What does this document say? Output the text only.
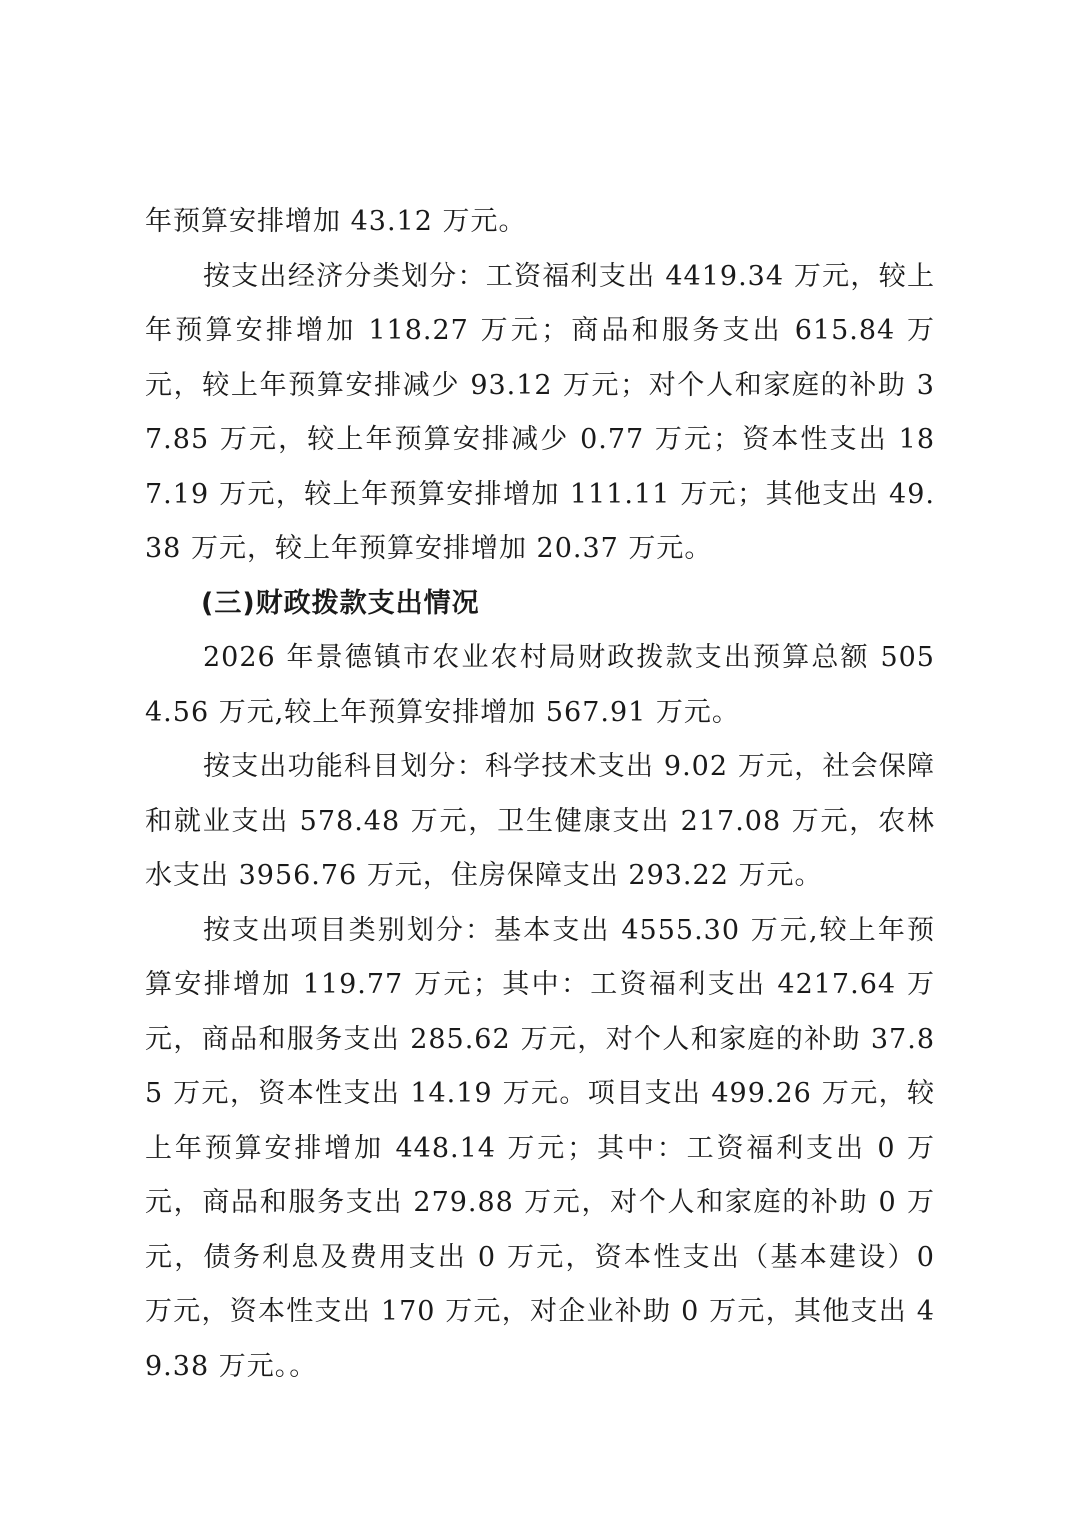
年预算安排增加 43.12 万元。

按支出经济分类划分：工资福利支出 4419.34 万元，较上年预算安排增加 118.27 万元；商品和服务支出 615.84 万元，较上年预算安排减少 93.12 万元；对个人和家庭的补助 37.85 万元，较上年预算安排减少 0.77 万元；资本性支出 187.19 万元，较上年预算安排增加 111.11 万元；其他支出 49.38 万元，较上年预算安排增加 20.37 万元。

(三)财政拨款支出情况

2026 年景德镇市农业农村局财政拨款支出预算总额 5054.56 万元,较上年预算安排增加 567.91 万元。

按支出功能科目划分：科学技术支出 9.02 万元，社会保障和就业支出 578.48 万元，卫生健康支出 217.08 万元，农林水支出 3956.76 万元，住房保障支出 293.22 万元。

按支出项目类别划分：基本支出 4555.30 万元,较上年预算安排增加 119.77 万元；其中：工资福利支出 4217.64 万元，商品和服务支出 285.62 万元，对个人和家庭的补助 37.85 万元，资本性支出 14.19 万元。项目支出 499.26 万元，较上年预算安排增加 448.14 万元；其中：工资福利支出 0 万元，商品和服务支出 279.88 万元，对个人和家庭的补助 0 万元，债务利息及费用支出 0 万元，资本性支出（基本建设）0 万元，资本性支出 170 万元，对企业补助 0 万元，其他支出 49.38 万元。。
